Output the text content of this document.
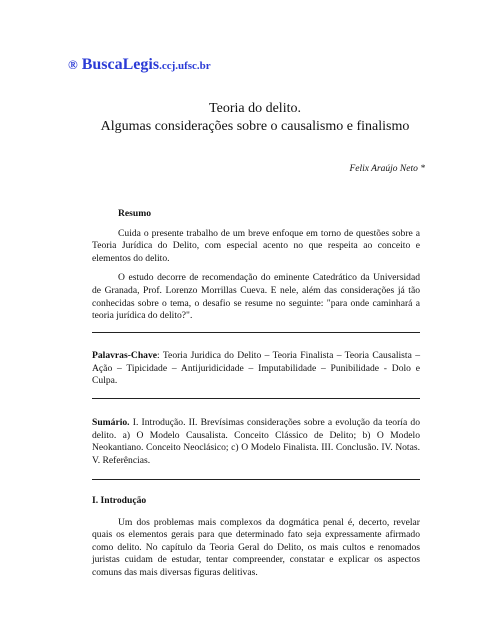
® BuscaLegis.ccj.ufsc.br
Teoria do delito.
Algumas considerações sobre o causalismo e finalismo
Felix Araújo Neto *
Resumo

Cuida o presente trabalho de um breve enfoque em torno de questões sobre a Teoria Jurídica do Delito, com especial acento no que respeita ao conceito e elementos do delito.

O estudo decorre de recomendação do eminente Catedrático da Universidad de Granada, Prof. Lorenzo Morrillas Cueva. E nele, além das considerações já tão conhecidas sobre o tema, o desafio se resume no seguinte: "para onde caminhará a teoria jurídica do delito?".

Palavras-Chave: Teoria Juridica do Delito – Teoria Finalista – Teoria Causalista – Ação – Tipicidade – Antijuridicidade – Imputabilidade – Punibilidade - Dolo e Culpa.
Sumário. I. Introdução. II. Brevísimas considerações sobre a evolução da teoría do delito. a) O Modelo Causalista. Conceito Clássico de Delito; b) O Modelo Neokantiano. Conceito Neoclásico; c) O Modelo Finalista. III. Conclusão. IV. Notas. V. Referências.
I. Introdução

Um dos problemas mais complexos da dogmática penal é, decerto, revelar quais os elementos gerais para que determinado fato seja expressamente afirmado como delito. No capítulo da Teoria Geral do Delito, os mais cultos e renomados juristas cuidam de estudar, tentar compreender, constatar e explicar os aspectos comuns das mais diversas figuras delitivas.
